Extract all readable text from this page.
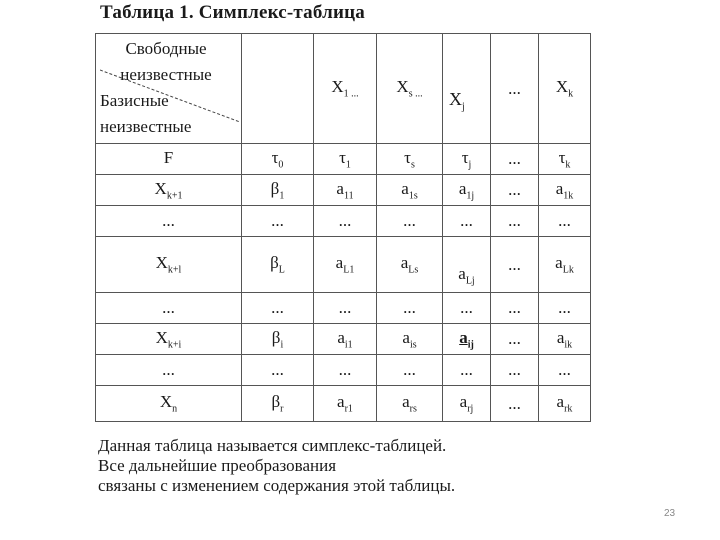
Таблица 1. Симплекс-таблица
Свободные неизвестные
Базисные неизвестные		$X_{1 ...}$	$X_{s ...}$	$X_j$	...	$X_k$
F	$\tau_0$	$\tau_1$	$\tau_s$	$\tau_j$	...	$\tau_k$
$X_{k+1}$	$\beta_1$	$a_{11}$	$a_{1s}$	$a_{1j}$	...	$a_{1k}$
...	...	...	...	...	...	...
$X_{k+l}$	$\beta_L$	$a_{L1}$	$a_{Ls}$	$a_{Lj}$	...	$a_{Lk}$
...	...	...	...	...	...	...
$X_{k+i}$	$\beta_i$	$a_{i1}$	$a_{is}$	$a_{ij}$	...	$a_{ik}$
...	...	...	...	...	...	...
$X_n$	$\beta_r$	$a_{r1}$	$a_{rs}$	$a_{rj}$	...	$a_{rk}$
Данная таблица называется симплекс-таблицей.
Все дальнейшие преобразования
связаны с изменением содержания этой таблицы.
23
